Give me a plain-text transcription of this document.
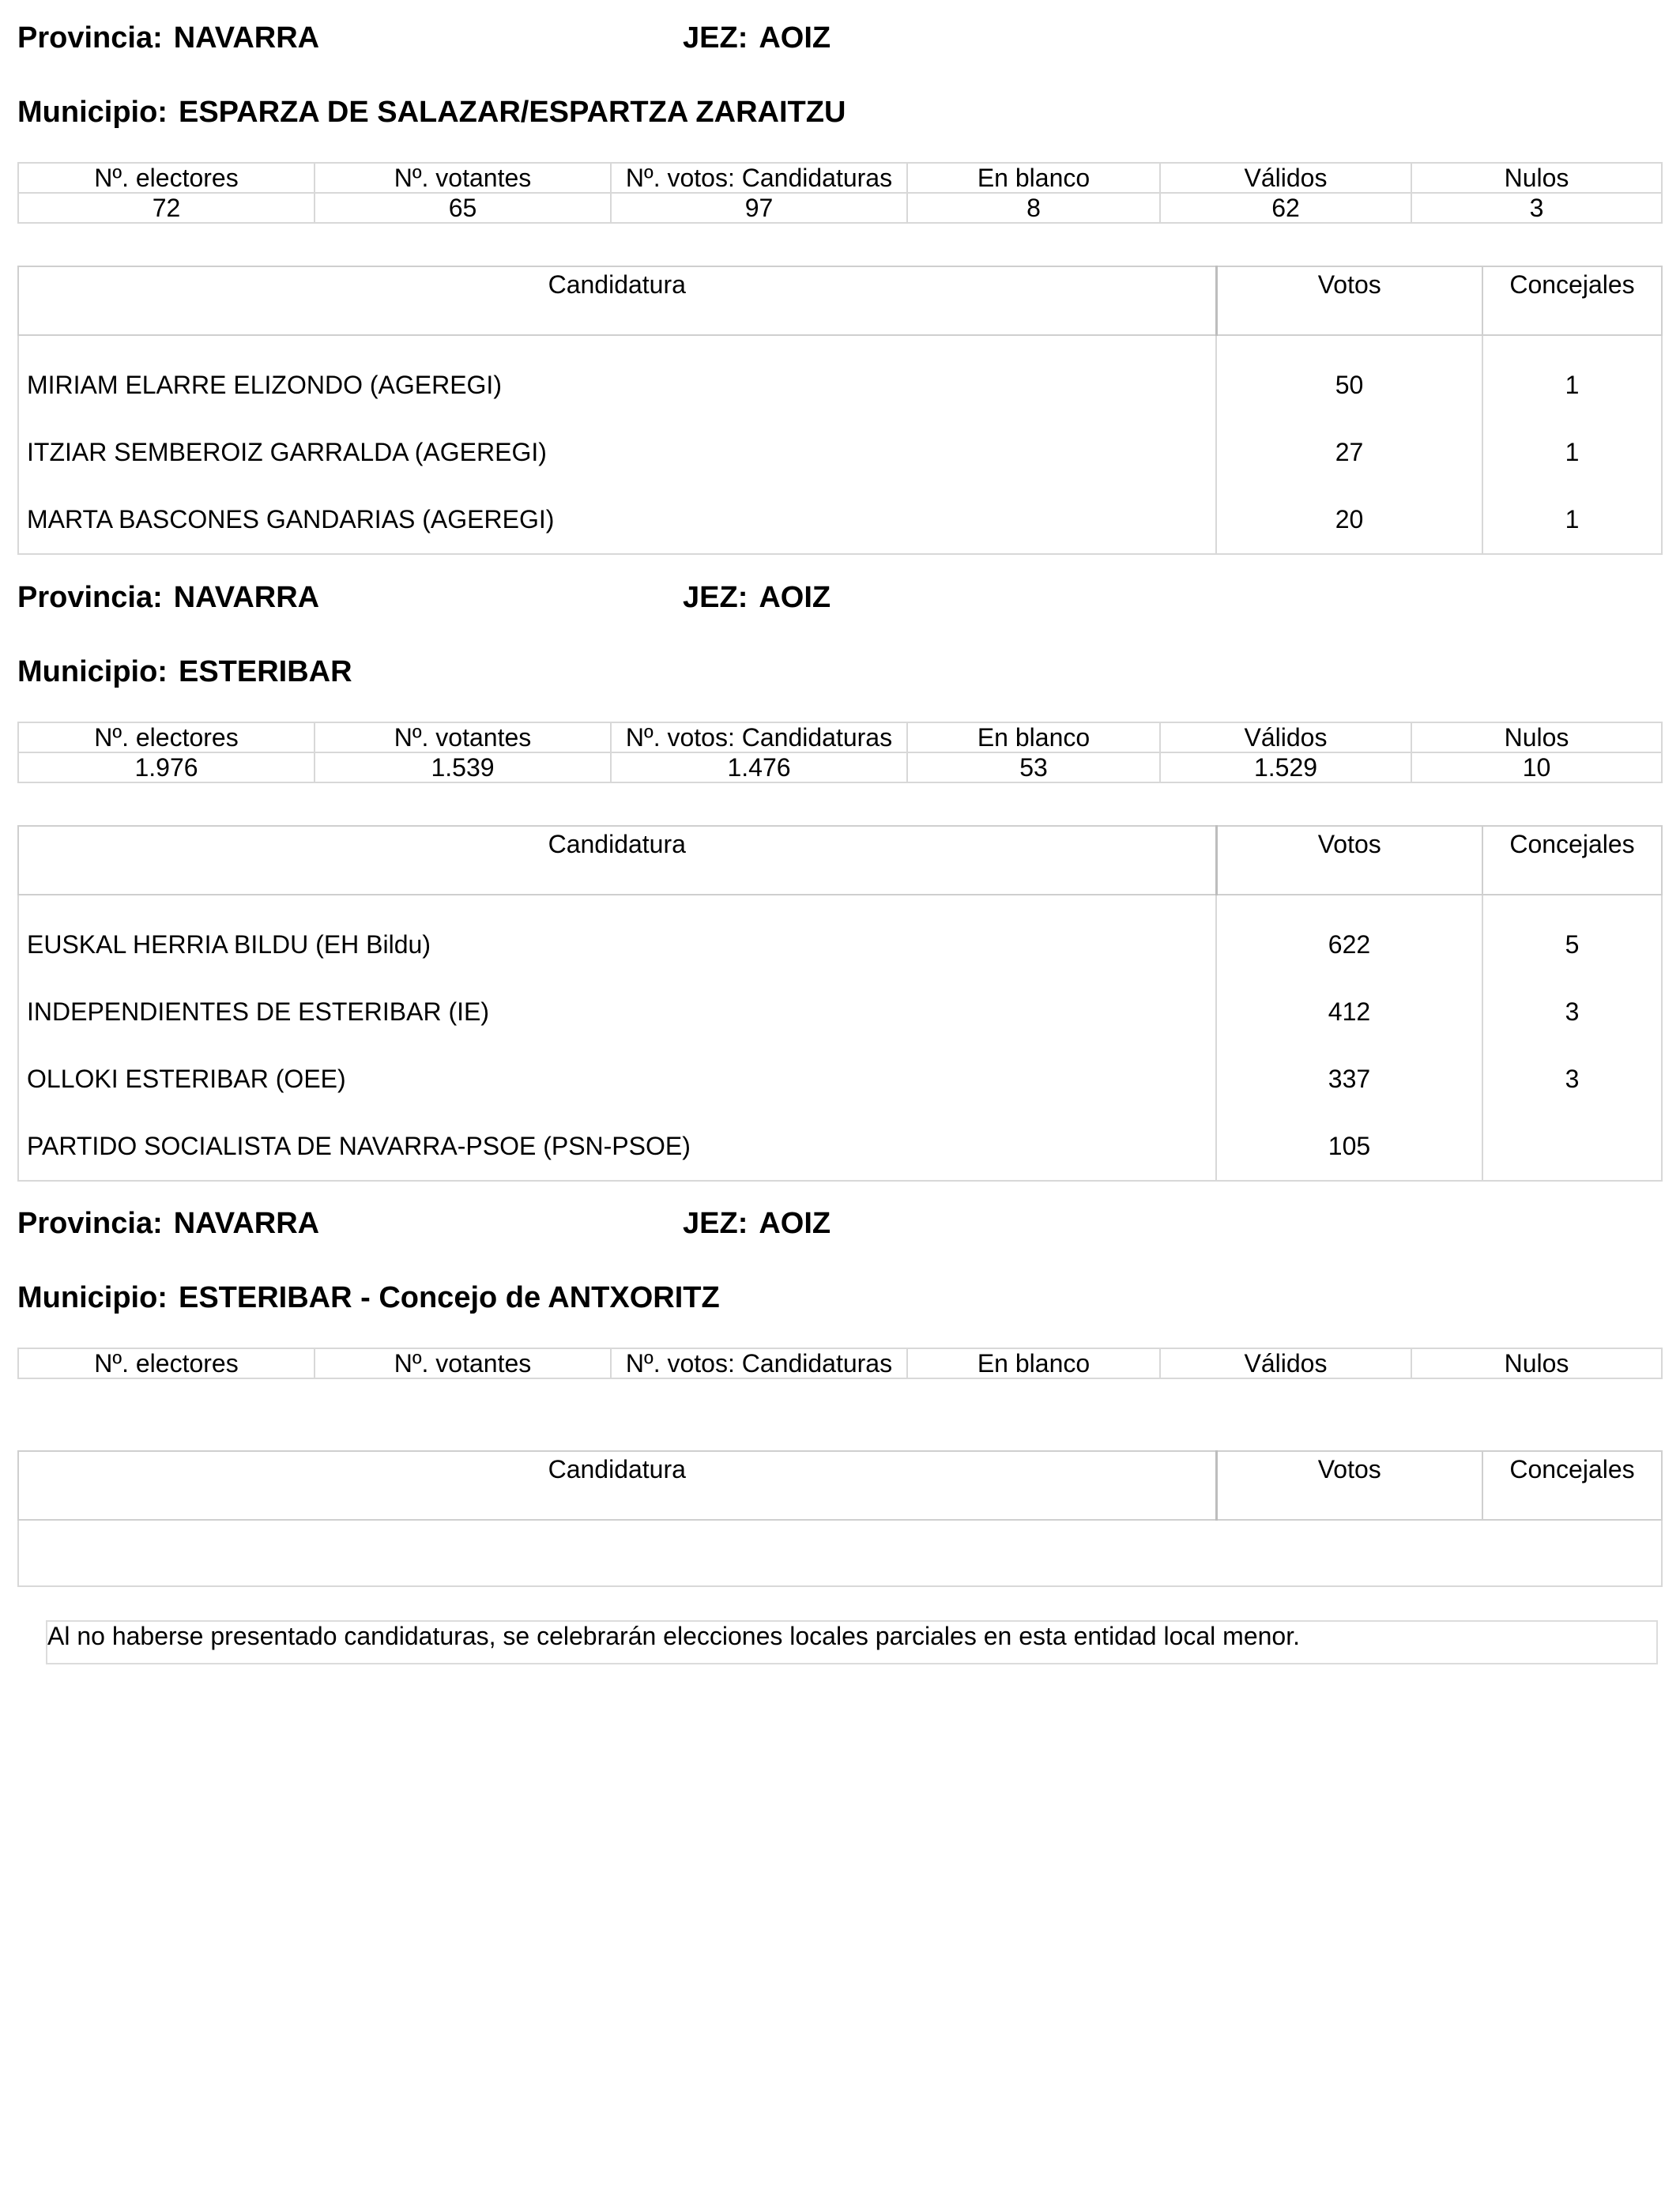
Provincia: NAVARRA	JEZ: AOIZ
Municipio: ESPARZA DE SALAZAR/ESPARTZA ZARAITZU
Nº. electores	Nº. votantes	Nº. votos: Candidaturas	En blanco	Válidos	Nulos
72	65	97	8	62	3
Candidatura	Votos	Concejales
MIRIAM ELARRE ELIZONDO (AGEREGI)	50	1
ITZIAR SEMBEROIZ GARRALDA (AGEREGI)	27	1
MARTA BASCONES GANDARIAS (AGEREGI)	20	1
Provincia: NAVARRA	JEZ: AOIZ
Municipio: ESTERIBAR
Nº. electores	Nº. votantes	Nº. votos: Candidaturas	En blanco	Válidos	Nulos
1.976	1.539	1.476	53	1.529	10
Candidatura	Votos	Concejales
EUSKAL HERRIA BILDU (EH Bildu)	622	5
INDEPENDIENTES DE ESTERIBAR (IE)	412	3
OLLOKI ESTERIBAR (OEE)	337	3
PARTIDO SOCIALISTA DE NAVARRA-PSOE (PSN-PSOE)	105	
Provincia: NAVARRA	JEZ: AOIZ
Municipio: ESTERIBAR - Concejo de ANTXORITZ
Nº. electores	Nº. votantes	Nº. votos: Candidaturas	En blanco	Válidos	Nulos
Candidatura	Votos	Concejales

Al no haberse presentado candidaturas, se celebrarán elecciones locales parciales en esta entidad local menor.
